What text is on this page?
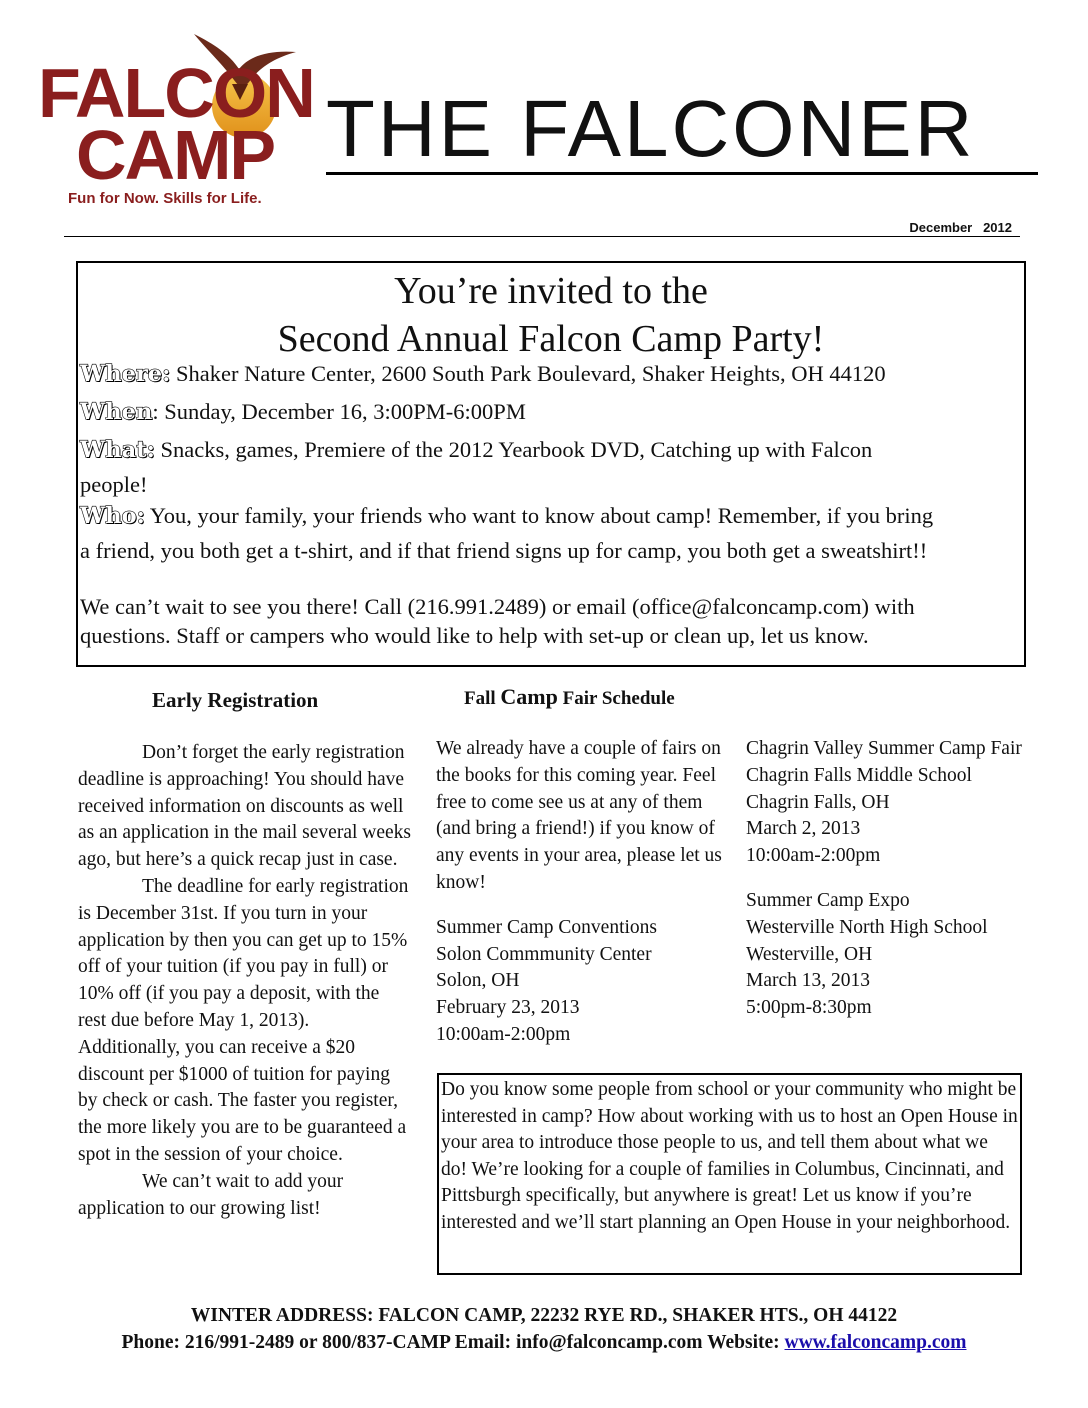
FALCON
CAMP
Fun for Now. Skills for Life.
THE FALCONER
December   2012
You’re invited to the
Second Annual Falcon Camp Party!
Where: Shaker Nature Center, 2600 South Park Boulevard, Shaker Heights, OH 44120
When: Sunday, December 16, 3:00PM-6:00PM
What: Snacks, games, Premiere of the 2012 Yearbook DVD, Catching up with Falcon
people!
Who: You, your family, your friends who want to know about camp! Remember, if you bring
a friend, you both get a t-shirt, and if that friend signs up for camp, you both get a sweatshirt!!
We can’t wait to see you there! Call (216.991.2489) or email (office@falconcamp.com) with
questions. Staff or campers who would like to help with set-up or clean up, let us know.
Early Registration

Don’t forget the early registration deadline is approaching! You should have received information on discounts as well as an application in the mail several weeks ago, but here’s a quick recap just in case.

The deadline for early registration is December 31st. If you turn in your application by then you can get up to 15% off of your tuition (if you pay in full) or 10% off (if you pay a deposit, with the rest due before May 1, 2013). Additionally, you can receive a $20 discount per $1000 of tuition for paying by check or cash. The faster you register, the more likely you are to be guaranteed a spot in the session of your choice.

We can’t wait to add your application to our growing list!

Fall Camp Fair Schedule

We already have a couple of fairs on the books for this coming year. Feel free to come see us at any of them (and bring a friend!) if you know of any events in your area, please let us know!

Summer Camp Conventions
Solon Commmunity Center
Solon, OH
February 23, 2013
10:00am-2:00pm

Chagrin Valley Summer Camp Fair
Chagrin Falls Middle School
Chagrin Falls, OH
March 2, 2013
10:00am-2:00pm

Summer Camp Expo
Westerville North High School
Westerville, OH
March 13, 2013
5:00pm-8:30pm

Do you know some people from school or your community who might be interested in camp? How about working with us to host an Open House in your area to introduce those people to us, and tell them about what we do! We’re looking for a couple of families in Columbus, Cincinnati, and Pittsburgh specifically, but anywhere is great! Let us know if you’re interested and we’ll start planning an Open House in your neighborhood.
WINTER ADDRESS: FALCON CAMP, 22232 RYE RD., SHAKER HTS., OH 44122
Phone: 216/991-2489 or 800/837-CAMP Email: info@falconcamp.com Website: www.falconcamp.com
